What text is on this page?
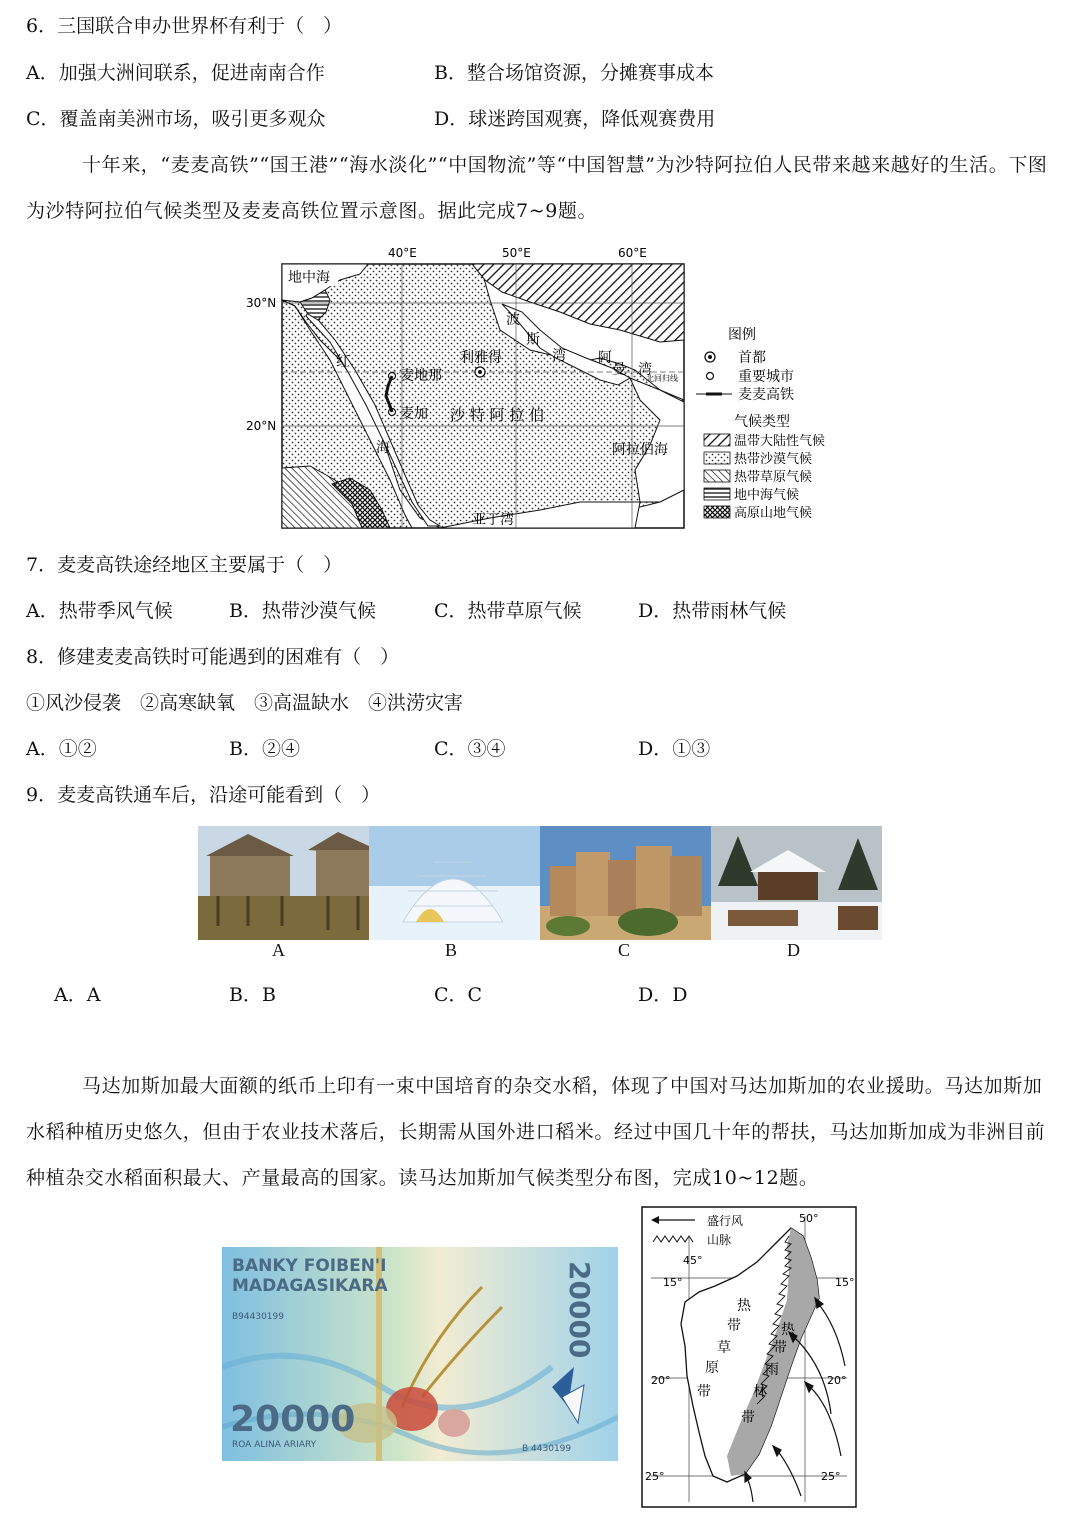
6．三国联合申办世界杯有利于（　）
A．加强大洲间联系，促进南南合作	B．整合场馆资源，分摊赛事成本
C．覆盖南美洲市场，吸引更多观众	D．球迷跨国观赛，降低观赛费用
十年来，“麦麦高铁”“国王港”“海水淡化”“中国物流”等“中国智慧”为沙特阿拉伯人民带来越来越好的生活。下图为沙特阿拉伯气候类型及麦麦高铁位置示意图。据此完成7~9题。
40°E	50°E	60°E
30°N
20°N
地中海
红
海
波
斯
湾 阿
曼 湾
北回归线
利雅得
麦地那
麦加 沙 特 阿 拉 伯
阿拉伯海
亚丁湾
图例
首都
重要城市
麦麦高铁
气候类型
温带大陆性气候
热带沙漠气候
热带草原气候
地中海气候
高原山地气候
7．麦麦高铁途经地区主要属于（　）
A．热带季风气候	B．热带沙漠气候	C．热带草原气候	D．热带雨林气候
8．修建麦麦高铁时可能遇到的困难有（　）
①风沙侵袭　②高寒缺氧　③高温缺水　④洪涝灾害
A．①②	B．②④	C．③④	D．①③
9．麦麦高铁通车后，沿途可能看到（　）
A	B	C	D
A．A	B．B	C．C	D．D
马达加斯加最大面额的纸币上印有一束中国培育的杂交水稻，体现了中国对马达加斯加的农业援助。马达加斯加水稻种植历史悠久，但由于农业技术落后，长期需从国外进口稻米。经过中国几十年的帮扶，马达加斯加成为非洲目前种植杂交水稻面积最大、产量最高的国家。读马达加斯加气候类型分布图，完成10~12题。
BANKY FOIBEN'I
MADAGASIKARA
B94430199
20000
ROA ALINA ARIARY
20000
B 4430199
盛行风
山脉
15°	15°
20°	20°
25°	25°
45°
50°
热
带
草
原
带
热
带
雨
林
带
